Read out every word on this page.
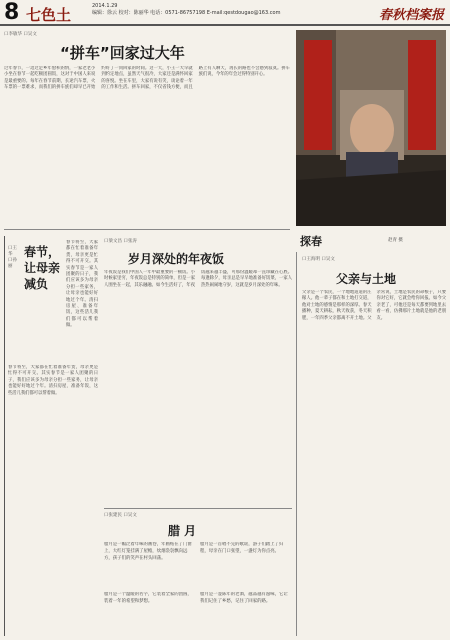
8 七色土	2014.1.29
编辑：徐云 校对：陈丽华 电话：0571-86757198 E-mail:qestdougao@163.com	春秋档案报
口李敏华 口吴文
“拼车”回家过大年
过年春节，一边过足乡年愈积的情，一家老老小小坐在春节一起吃顿团圆饭，这对于中国人来说是最重要的。每年在春节前期，长途汽车票、火车票的一票难求，而我们的拼车族们却早已开始约好了一同回家的时间。这一天，小王一大早就到约定地点，虽然天气很冷，大家还是满怀回家的喜悦。坐在车里，大家有说有笑，谈论着一年的工作和生活。拼车回家，不仅省钱方便，而且路上有人聊天，再长的路也不会感到寂寞。拼车族们说，今年的年会过得特别开心。
探春	赵青 摄
春节，让母亲减负
口王华 口孙丽
春节将至，大家都在忙着准备年货，母亲更是忙得不可开交。其实春节是一家人团聚的日子，我们应该多为母亲分担一些家务，让母亲也能好好地过个年。清扫房屋、准备年饭，这些活儿我们都可以帮着做。
春节将至，大家都在忙着准备年货，母亲更是忙得不可开交。其实春节是一家人团聚的日子，我们应该多为母亲分担一些家务，让母亲也能好好地过个年。清扫房屋、准备年饭，这些活儿我们都可以帮着做。
口梁文昌 口张涛
岁月深处的年夜饭
年夜饭是我们中国人一年中最重要的一顿饭。小时候家里穷，年夜饭总是特别的简单，但是一家人围坐在一起，其乐融融。如今生活好了，年夜饭越来越丰盛，可那份温暖却一直珍藏在心底。每逢除夕，母亲总是早早地准备好饭菜，一家人热热闹闹地守岁，这就是岁月深处的年味。
口王海明 口吴文
父亲与土地
父亲是一个农民，一个地地道道的庄稼人。他一辈子都在和土地打交道，他对土地的感情是那样的深厚。春天播种，夏天耕耘，秋天收获，冬天积肥，一年四季父亲都离不开土地。父亲常说，土地是农民的命根子，只要你对它好，它就会给你回报。如今父亲老了，可他还是每天都要到地里去看一看，仿佛那片土地就是他的老朋友。
口张建民 口吴文
腊 月
腊月是一幅泛着年味的画卷，年画贴在了门窗上，大红灯笼挂满了屋檐，炊烟袅袅飘向远方，孩子们的笑声在村头回荡。
腊月是一首唱不完的歌谣，游子们踏上了归程，母亲在门口张望，一盏灯为你点亮。
腊月是一个温暖的名字，它装着全家的团圆，装着一年的希望和梦想。
腊月是一壶陈年的老酒，越品越有滋味，它让我们记住了乡愁，记住了回家的路。
